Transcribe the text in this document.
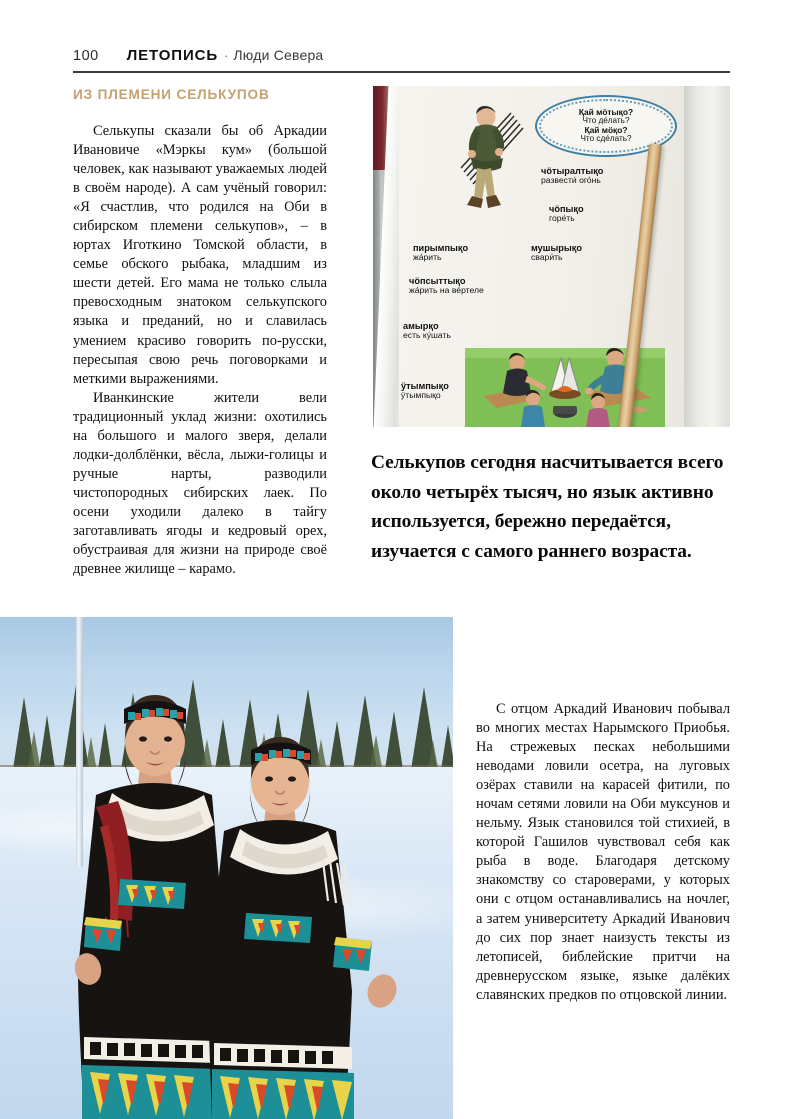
100 ЛЕТОПИСЬ · Люди Севера
ИЗ ПЛЕМЕНИ СЕЛЬКУПОВ

Селькупы сказали бы об Аркадии Ивановиче «Мэркы кум» (большой человек, как называют уважаемых людей в своём народе). А сам учёный говорил: «Я счастлив, что родился на Оби в сибирском племени селькупов», – в юртах Иготкино Томской области, в семье обского рыбака, младшим из шести детей. Его мама не только слыла превосходным знатоком селькупского языка и преданий, но и славилась умением красиво говорить по-русски, пересыпая свою речь поговорками и меткими выражениями.

Иванкинские жители вели традиционный уклад жизни: охотились на большого и малого зверя, делали лодки-долблёнки, вёсла, лыжи-голицы и ручные нарты, разводили чистопородных сибирских лаек. По осени уходили далеко в тайгу заготавливать ягоды и кедровый орех, обустраивая для жизни на природе своё древнее жилище – карамо.

Қай мӧтықо?
Что де́лать?
Қай мӧқо?
Что сде́лать?
чӧтыралтықо
развести́ ого́нь
чӧпықо
горе́ть
пирымпықо
жа́рить
мушырықо
свари́ть
чӧпсыттықо
жа́рить на ве́ртеле
амырқо
есть ку́шать
ӱтымпықо
ӱтымпықо
Селькупов сегодня насчитывается всего около четырёх тысяч, но язык активно используется, бережно передаётся, изучается с самого раннего возраста.

С отцом Аркадий Иванович побывал во многих местах Нарымского Приобья. На стрежевых песках небольшими неводами ловили осетра, на луговых озёрах ставили на карасей фитили, по ночам сетями ловили на Оби муксунов и нельму. Язык становился той стихией, в которой Гашилов чувствовал себя как рыба в воде. Благодаря детскому знакомству со староверами, у которых они с отцом останавливались на ночлег, а затем университету Аркадий Иванович до сих пор знает наизусть тексты из летописей, библейские притчи на древнерусском языке, языке далёких славянских предков по отцовской линии.
